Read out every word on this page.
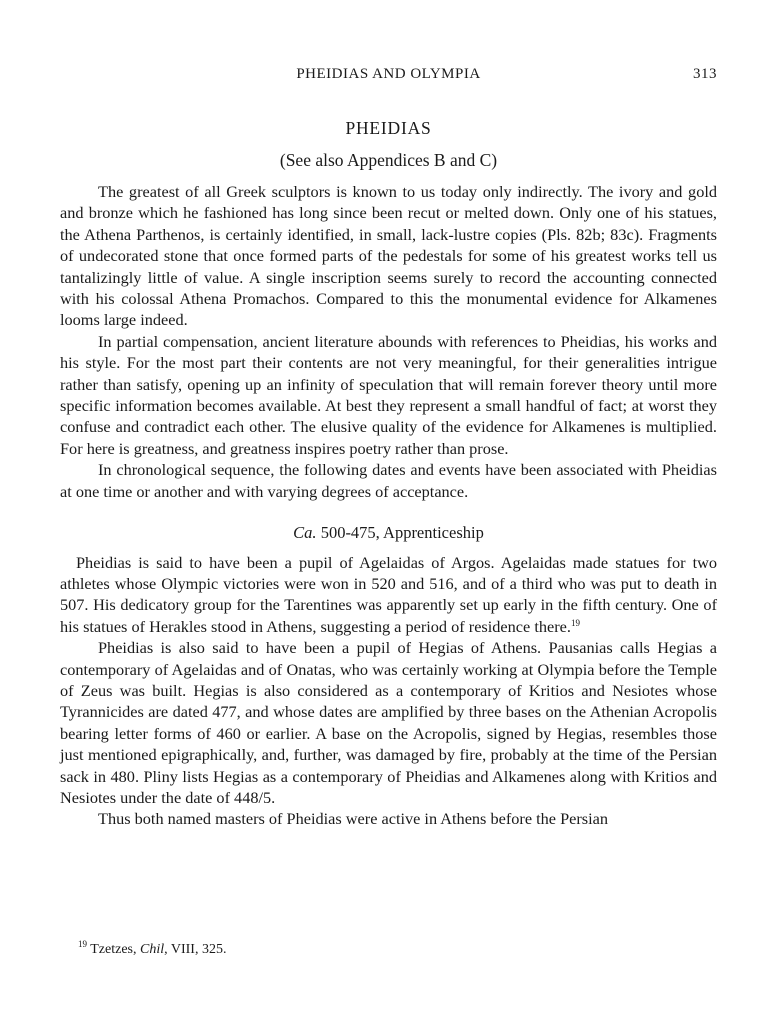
PHEIDIAS AND OLYMPIA	313
PHEIDIAS
(See also Appendices B and C)

The greatest of all Greek sculptors is known to us today only indirectly. The ivory and gold and bronze which he fashioned has long since been recut or melted down. Only one of his statues, the Athena Parthenos, is certainly identified, in small, lack-lustre copies (Pls. 82b; 83c). Fragments of undecorated stone that once formed parts of the pedestals for some of his greatest works tell us tantalizingly little of value. A single inscription seems surely to record the accounting connected with his colossal Athena Promachos. Compared to this the monumental evidence for Alkamenes looms large indeed.

In partial compensation, ancient literature abounds with references to Pheidias, his works and his style. For the most part their contents are not very meaningful, for their generalities intrigue rather than satisfy, opening up an infinity of speculation that will remain forever theory until more specific information becomes available. At best they represent a small handful of fact; at worst they confuse and contradict each other. The elusive quality of the evidence for Alkamenes is multiplied. For here is greatness, and greatness inspires poetry rather than prose.

In chronological sequence, the following dates and events have been associated with Pheidias at one time or another and with varying degrees of acceptance.

Ca. 500-475, Apprenticeship

Pheidias is said to have been a pupil of Agelaidas of Argos. Agelaidas made statues for two athletes whose Olympic victories were won in 520 and 516, and of a third who was put to death in 507. His dedicatory group for the Tarentines was apparently set up early in the fifth century. One of his statues of Herakles stood in Athens, suggesting a period of residence there.$^{19}$

Pheidias is also said to have been a pupil of Hegias of Athens. Pausanias calls Hegias a contemporary of Agelaidas and of Onatas, who was certainly working at Olympia before the Temple of Zeus was built. Hegias is also considered as a contemporary of Kritios and Nesiotes whose Tyrannicides are dated 477, and whose dates are amplified by three bases on the Athenian Acropolis bearing letter forms of 460 or earlier. A base on the Acropolis, signed by Hegias, resembles those just mentioned epigraphically, and, further, was damaged by fire, probably at the time of the Persian sack in 480. Pliny lists Hegias as a contemporary of Pheidias and Alkamenes along with Kritios and Nesiotes under the date of 448/5.

Thus both named masters of Pheidias were active in Athens before the Persian

$^{19}$ Tzetzes, Chil, VIII, 325.
